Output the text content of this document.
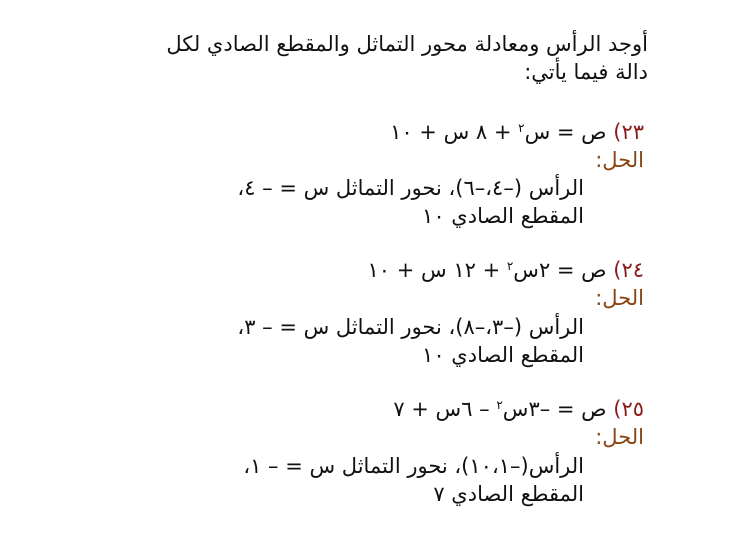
أوجد الرأس ومعادلة محور التماثل والمقطع الصادي لكل
دالة فيما يأتي:
٢٣) ص = س$^٢$ + ٨ س + ١٠
الحل:
الرأس (–٤،–٦)، نحور التماثل س = – ٤،
المقطع الصادي ١٠
٢٤) ص = ٢س$^٢$ + ١٢ س + ١٠
الحل:
الرأس (–٣،–٨)، نحور التماثل س = – ٣،
المقطع الصادي ١٠
٢٥) ص = –٣س$^٢$ – ٦س + ٧
الحل:
الرأس(–١٠،١)، نحور التماثل س = – ١،
المقطع الصادي ٧
